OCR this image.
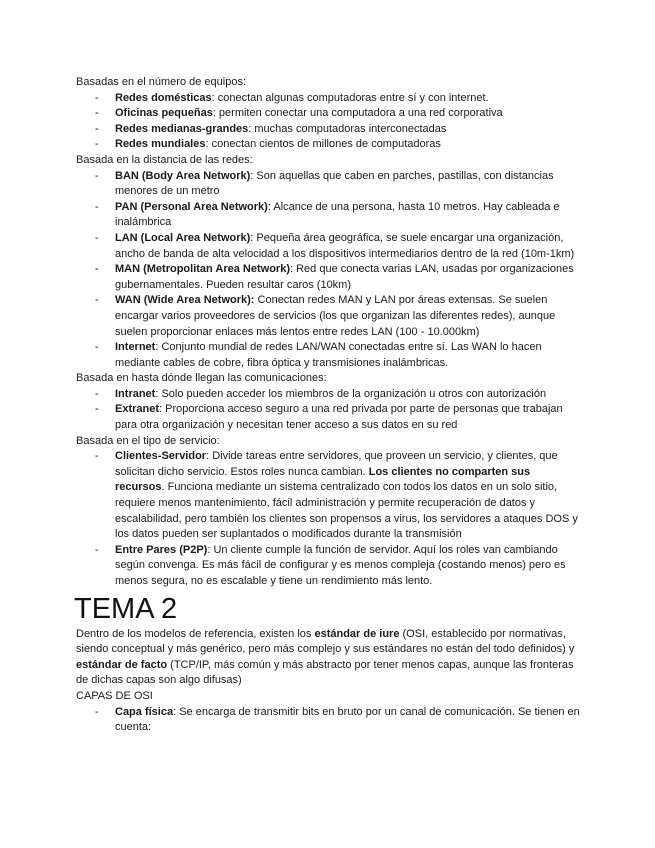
Basadas en el número de equipos:

- Redes domésticas: conectan algunas computadoras entre sí y con internet.
- Oficinas pequeñas: permiten conectar una computadora a una red corporativa
- Redes medianas-grandes: muchas computadoras interconectadas
- Redes mundiales: conectan cientos de millones de computadoras

Basada en la distancia de las redes:

- BAN (Body Area Network): Son aquellas que caben en parches, pastillas, con distancias menores de un metro
- PAN (Personal Area Network): Alcance de una persona, hasta 10 metros. Hay cableada e inalámbrica
- LAN (Local Area Network): Pequeña área geográfica, se suele encargar una organización, ancho de banda de alta velocidad a los dispositivos intermediarios dentro de la red (10m-1km)
- MAN (Metropolitan Area Network): Red que conecta varias LAN, usadas por organizaciones gubernamentales. Pueden resultar caros (10km)
- WAN (Wide Area Network): Conectan redes MAN y LAN por áreas extensas. Se suelen encargar varios proveedores de servicios (los que organizan las diferentes redes), aunque suelen proporcionar enlaces más lentos entre redes LAN (100 - 10.000km)
- Internet: Conjunto mundial de redes LAN/WAN conectadas entre sí. Las WAN lo hacen mediante cables de cobre, fibra óptica y transmisiones inalámbricas.

Basada en hasta dónde llegan las comunicaciones:

- Intranet: Solo pueden acceder los miembros de la organización u otros con autorización
- Extranet: Proporciona acceso seguro a una red privada por parte de personas que trabajan para otra organización y necesitan tener acceso a sus datos en su red

Basada en el tipo de servicio:

- Clientes-Servidor: Divide tareas entre servidores, que proveen un servicio, y clientes, que solicitan dicho servicio. Estos roles nunca cambian. Los clientes no comparten sus recursos. Funciona mediante un sistema centralizado con todos los datos en un solo sitio, requiere menos mantenimiento, fácil administración y permite recuperación de datos y escalabilidad, pero también los clientes son propensos a virus, los servidores a ataques DOS y los datos pueden ser suplantados o modificados durante la transmisión
- Entre Pares (P2P): Un cliente cumple la función de servidor. Aquí los roles van cambiando según convenga. Es más fácil de configurar y es menos compleja (costando menos) pero es menos segura, no es escalable y tiene un rendimiento más lento.
TEMA 2

Dentro de los modelos de referencia, existen los estándar de iure (OSI, establecido por normativas, siendo conceptual y más genérico, pero más complejo y sus estándares no están del todo definidos) y estándar de facto (TCP/IP, más común y más abstracto por tener menos capas, aunque las fronteras de dichas capas son algo difusas)

CAPAS DE OSI

- Capa física: Se encarga de transmitir bits en bruto por un canal de comunicación. Se tienen en cuenta:
